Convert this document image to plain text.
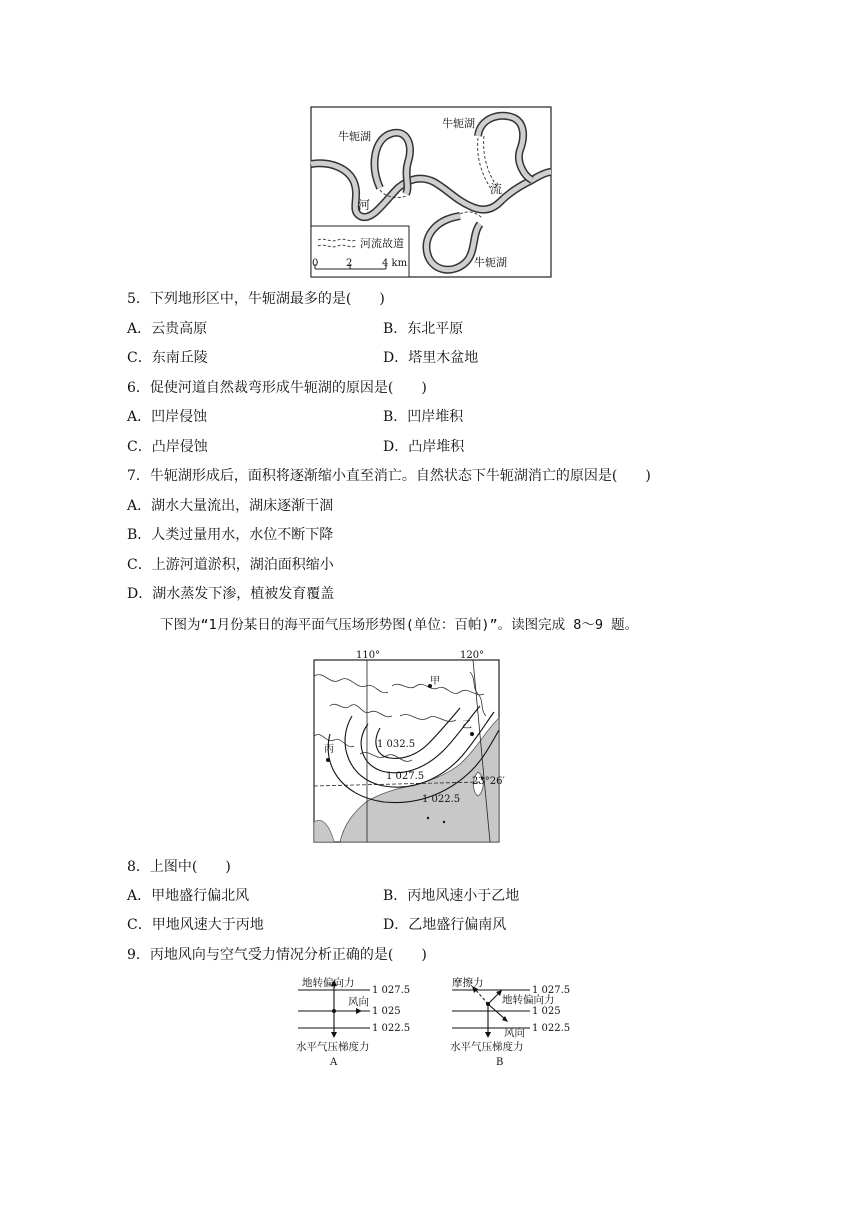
河流故道
0	2	4 km
牛轭湖
牛轭湖
牛轭湖
河
流
5．下列地形区中，牛轭湖最多的是(　　)
A．云贵高原	B．东北平原
C．东南丘陵	D．塔里木盆地
6．促使河道自然裁弯形成牛轭湖的原因是(　　)
A．凹岸侵蚀	B．凹岸堆积
C．凸岸侵蚀	D．凸岸堆积
7．牛轭湖形成后，面积将逐渐缩小直至消亡。自然状态下牛轭湖消亡的原因是(　　)
A．湖水大量流出，湖床逐渐干涸
B．人类过量用水，水位不断下降
C．上游河道淤积，湖泊面积缩小
D．湖水蒸发下渗，植被发育覆盖
下图为“1月份某日的海平面气压场形势图(单位：百帕)”。读图完成 8～9 题。
110°	120°
甲
乙
丙	1 032.5
1 027.5
1 022.5
23°26′
8．上图中(　　)
A．甲地盛行偏北风	B．丙地风速小于乙地
C．甲地风速大于丙地	D．乙地盛行偏南风
9．丙地风向与空气受力情况分析正确的是(　　)
地转偏向力
风向
1 027.5
1 025
1 022.5
水平气压梯度力
A
摩擦力
地转偏向力
风向
1 027.5
1 025
1 022.5
水平气压梯度力
B
